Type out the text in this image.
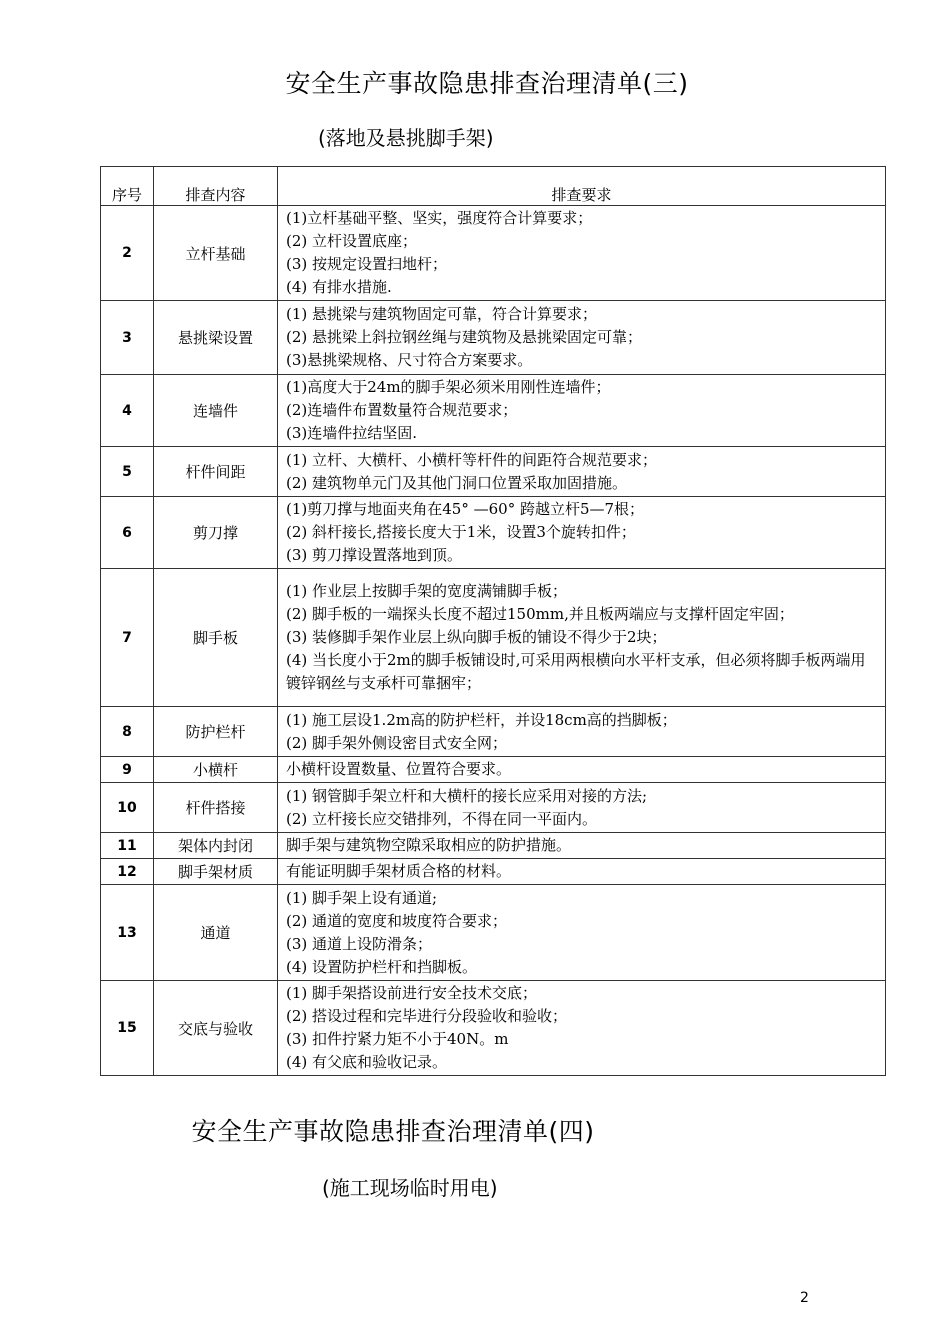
安全生产事故隐患排查治理清单(三)
(落地及悬挑脚手架)
序号	排查内容	排查要求
2	立杆基础	(1)立杆基础平整、坚实，强度符合计算要求；
(2) 立杆设置底座；
(3) 按规定设置扫地杆；
(4) 有排水措施.

3	悬挑梁设置	(1) 悬挑梁与建筑物固定可靠，符合计算要求；
(2) 悬挑梁上斜拉钢丝绳与建筑物及悬挑梁固定可靠；
(3)悬挑梁规格、尺寸符合方案要求。

4	连墙件	(1)高度大于24m的脚手架必须米用刚性连墙件；
(2)连墙件布置数量符合规范要求；
(3)连墙件拉结坚固.

5	杆件间距	(1) 立杆、大横杆、小横杆等杆件的间距符合规范要求；
(2) 建筑物单元门及其他门洞口位置采取加固措施。

6	剪刀撑	(1)剪刀撑与地面夹角在45° —60° 跨越立杆5—7根；
(2) 斜杆接长,搭接长度大于1米，设置3个旋转扣件；
(3) 剪刀撑设置落地到顶。

7	脚手板	(1) 作业层上按脚手架的宽度满铺脚手板；
(2) 脚手板的一端探头长度不超过150mm,并且板两端应与支撑杆固定牢固；
(3) 装修脚手架作业层上纵向脚手板的铺设不得少于2块；
(4) 当长度小于2m的脚手板铺设时,可采用两根横向水平杆支承，但必须将脚手板两端用镀锌钢丝与支承杆可靠捆牢；

8	防护栏杆	(1) 施工层设1.2m高的防护栏杆，并设18cm高的挡脚板；
(2) 脚手架外侧设密目式安全网；

9	小横杆	小横杆设置数量、位置符合要求。

10	杆件搭接	(1) 钢管脚手架立杆和大横杆的接长应采用对接的方法;
(2) 立杆接长应交错排列，不得在同一平面内。

11	架体内封闭	脚手架与建筑物空隙采取相应的防护措施。

12	脚手架材质	有能证明脚手架材质合格的材料。

13	通道	(1) 脚手架上设有通道;
(2) 通道的宽度和坡度符合要求；
(3) 通道上设防滑条；
(4) 设置防护栏杆和挡脚板。

15	交底与验收	(1) 脚手架搭设前进行安全技术交底；
(2) 搭设过程和完毕进行分段验收和验收；
(3) 扣件拧紧力矩不小于40N。m
(4) 有父底和验收记录。
安全生产事故隐患排查治理清单(四)
(施工现场临时用电)
2
